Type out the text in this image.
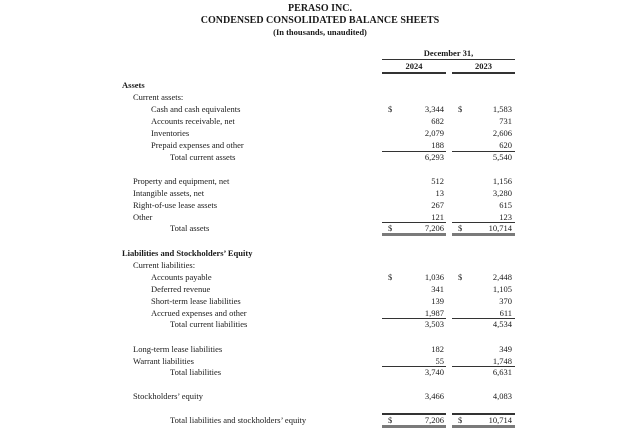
PERASO INC.
CONDENSED CONSOLIDATED BALANCE SHEETS
(In thousands, unaudited)
December 31,
2024	2023
Assets
Current assets:
Cash and cash equivalents	$	3,344 $	1,583
Accounts receivable, net	682	731
Inventories	2,079	2,606
Prepaid expenses and other	188	620
Total current assets	6,293	5,540
Property and equipment, net	512	1,156
Intangible assets, net	13	3,280
Right-of-use lease assets	267	615
Other	121	123
Total assets	$	7,206 $	10,714
Liabilities and Stockholders’ Equity
Current liabilities:
Accounts payable	$	1,036 $	2,448
Deferred revenue	341	1,105
Short-term lease liabilities	139	370
Accrued expenses and other	1,987	611
Total current liabilities	3,503	4,534
Long-term lease liabilities	182	349
Warrant liabilities	55	1,748
Total liabilities	3,740	6,631
Stockholders’ equity	3,466	4,083
Total liabilities and stockholders’ equity	$	7,206 $	10,714
